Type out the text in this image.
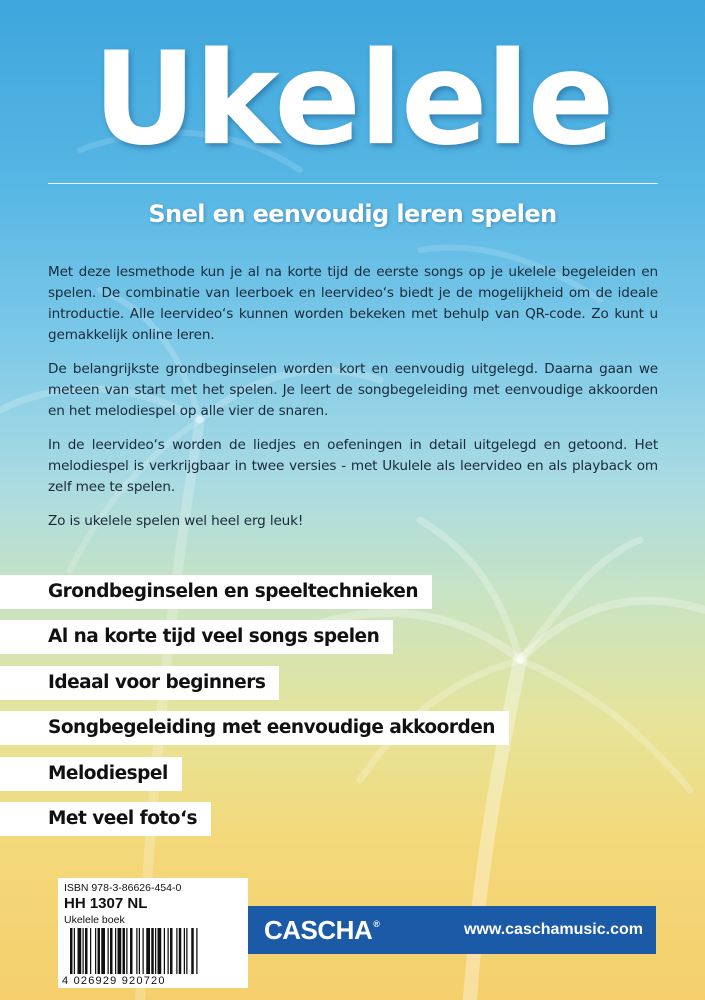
Ukelele
Snel en eenvoudig leren spelen

Met deze lesmethode kun je al na korte tijd de eerste songs op je ukelele begeleiden en spelen. De combinatie van leerboek en leervideo‘s biedt je de mogelijkheid om de ideale introductie. Alle leervideo‘s kunnen worden bekeken met behulp van QR-code. Zo kunt u gemakkelijk online leren.

De belangrijkste grondbeginselen worden kort en eenvoudig uitgelegd. Daarna gaan we meteen van start met het spelen. Je leert de songbegeleiding met eenvoudige akkoorden en het melodiespel op alle vier de snaren.

In de leervideo‘s worden de liedjes en oefeningen in detail uitgelegd en getoond. Het melodiespel is verkrijgbaar in twee versies - met Ukulele als leervideo en als playback om zelf mee te spelen.

Zo is ukelele spelen wel heel erg leuk!

Grondbeginselen en speeltechnieken
Al na korte tijd veel songs spelen
Ideaal voor beginners
Songbegeleiding met eenvoudige akkoorden
Melodiespel
Met veel foto‘s
CASCHA®	www.caschamusic.com
ISBN 978-3-86626-454-0
HH 1307 NL
Ukelele boek
4 026929 920720
